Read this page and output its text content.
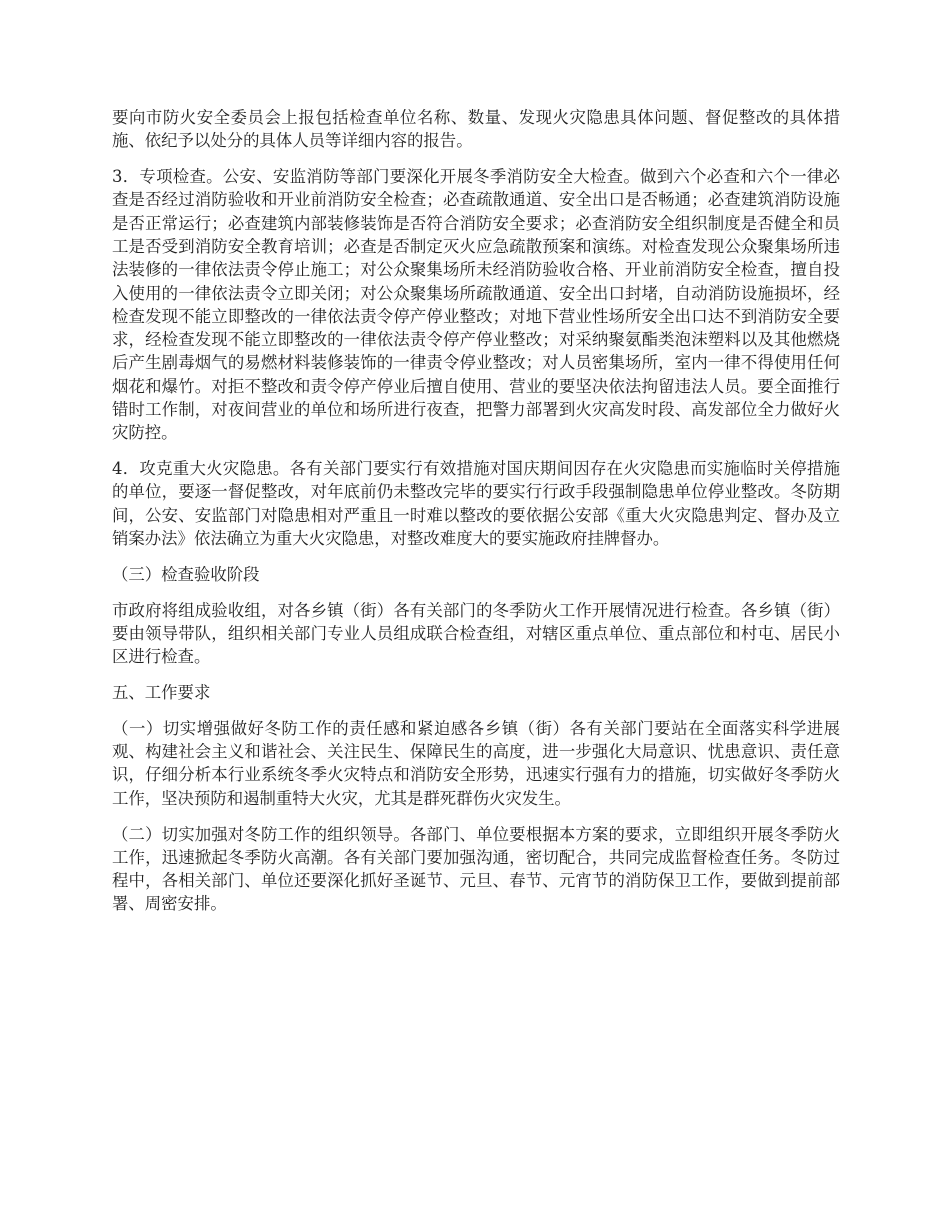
要向市防火安全委员会上报包括检查单位名称、数量、发现火灾隐患具体问题、督促整改的具体措施、依纪予以处分的具体人员等详细内容的报告。

3．专项检查。公安、安监消防等部门要深化开展冬季消防安全大检查。做到六个必查和六个一律必查是否经过消防验收和开业前消防安全检查；必查疏散通道、安全出口是否畅通；必查建筑消防设施是否正常运行；必查建筑内部装修装饰是否符合消防安全要求；必查消防安全组织制度是否健全和员工是否受到消防安全教育培训；必查是否制定灭火应急疏散预案和演练。对检查发现公众聚集场所违法装修的一律依法责令停止施工；对公众聚集场所未经消防验收合格、开业前消防安全检查，擅自投入使用的一律依法责令立即关闭；对公众聚集场所疏散通道、安全出口封堵，自动消防设施损坏，经检查发现不能立即整改的一律依法责令停产停业整改；对地下营业性场所安全出口达不到消防安全要求，经检查发现不能立即整改的一律依法责令停产停业整改；对采纳聚氨酯类泡沫塑料以及其他燃烧后产生剧毒烟气的易燃材料装修装饰的一律责令停业整改；对人员密集场所，室内一律不得使用任何烟花和爆竹。对拒不整改和责令停产停业后擅自使用、营业的要坚决依法拘留违法人员。要全面推行错时工作制，对夜间营业的单位和场所进行夜查，把警力部署到火灾高发时段、高发部位全力做好火灾防控。

4．攻克重大火灾隐患。各有关部门要实行有效措施对国庆期间因存在火灾隐患而实施临时关停措施的单位，要逐一督促整改，对年底前仍未整改完毕的要实行行政手段强制隐患单位停业整改。冬防期间，公安、安监部门对隐患相对严重且一时难以整改的要依据公安部《重大火灾隐患判定、督办及立销案办法》依法确立为重大火灾隐患，对整改难度大的要实施政府挂牌督办。

（三）检查验收阶段

市政府将组成验收组，对各乡镇（街）各有关部门的冬季防火工作开展情况进行检查。各乡镇（街）要由领导带队，组织相关部门专业人员组成联合检查组，对辖区重点单位、重点部位和村屯、居民小区进行检查。

五、工作要求

（一）切实增强做好冬防工作的责任感和紧迫感各乡镇（街）各有关部门要站在全面落实科学进展观、构建社会主义和谐社会、关注民生、保障民生的高度，进一步强化大局意识、忧患意识、责任意识，仔细分析本行业系统冬季火灾特点和消防安全形势，迅速实行强有力的措施，切实做好冬季防火工作，坚决预防和遏制重特大火灾，尤其是群死群伤火灾发生。

（二）切实加强对冬防工作的组织领导。各部门、单位要根据本方案的要求，立即组织开展冬季防火工作，迅速掀起冬季防火高潮。各有关部门要加强沟通，密切配合，共同完成监督检查任务。冬防过程中，各相关部门、单位还要深化抓好圣诞节、元旦、春节、元宵节的消防保卫工作，要做到提前部署、周密安排。
